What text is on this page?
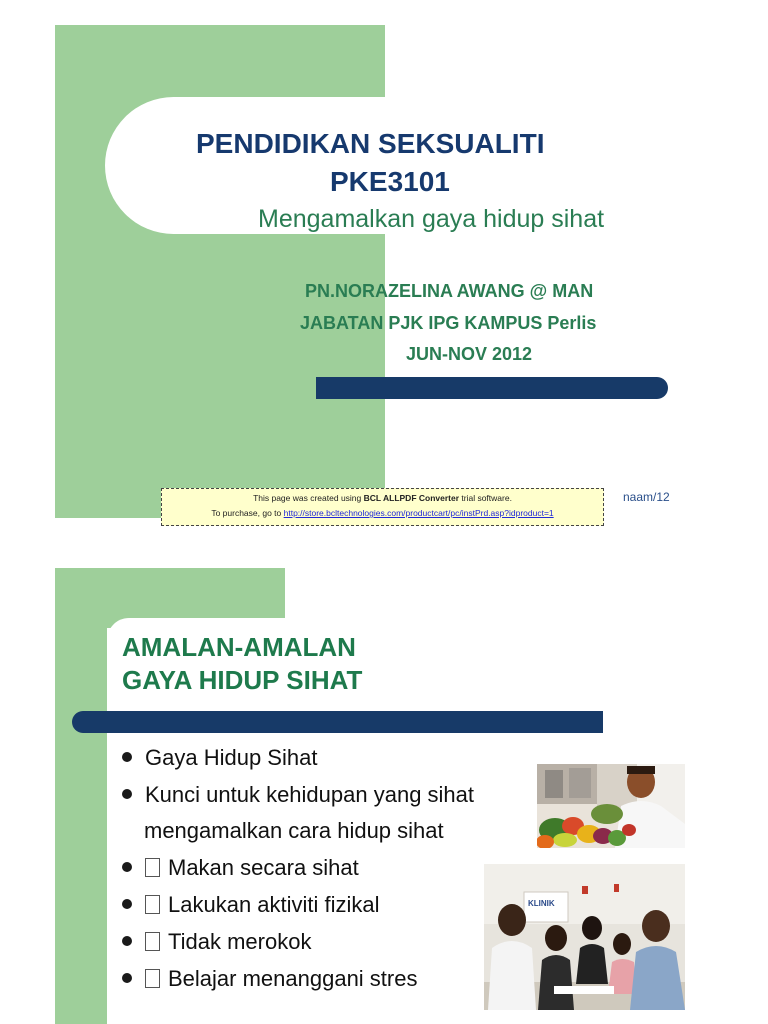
PENDIDIKAN SEKSUALITI
PKE3101
Mengamalkan gaya hidup sihat
PN.NORAZELINA AWANG @ MAN
JABATAN PJK IPG KAMPUS Perlis
JUN-NOV 2012
This page was created using BCL ALLPDF Converter trial software.
To purchase, go to http://store.bcltechnologies.com/productcart/pc/instPrd.asp?idproduct=1
naam/12
AMALAN-AMALAN
GAYA HIDUP SIHAT
Gaya Hidup Sihat
Kunci untuk kehidupan yang sihat
mengamalkan cara hidup sihat
Makan secara sihat
Lakukan aktiviti fizikal
Tidak merokok
Belajar menanggani stres
KLINIK
